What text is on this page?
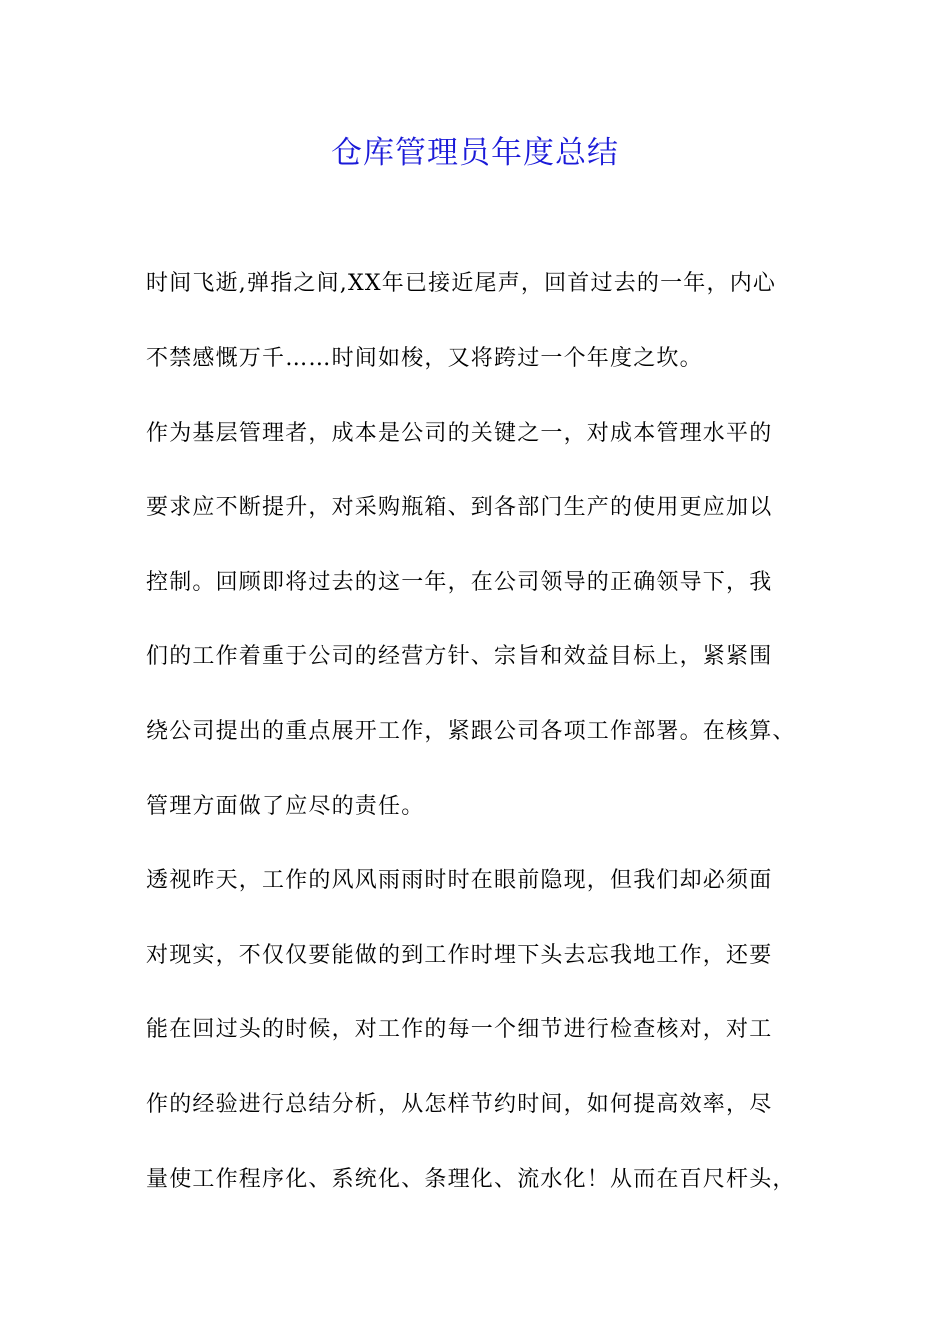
仓库管理员年度总结
时间飞逝,弹指之间,XX年已接近尾声，回首过去的一年，内心
不禁感慨万千……时间如梭，又将跨过一个年度之坎。
作为基层管理者，成本是公司的关键之一，对成本管理水平的
要求应不断提升，对采购瓶箱、到各部门生产的使用更应加以
控制。回顾即将过去的这一年，在公司领导的正确领导下，我
们的工作着重于公司的经营方针、宗旨和效益目标上，紧紧围
绕公司提出的重点展开工作，紧跟公司各项工作部署。在核算、
管理方面做了应尽的责任。
透视昨天，工作的风风雨雨时时在眼前隐现，但我们却必须面
对现实，不仅仅要能做的到工作时埋下头去忘我地工作，还要
能在回过头的时候，对工作的每一个细节进行检查核对，对工
作的经验进行总结分析，从怎样节约时间，如何提高效率，尽
量使工作程序化、系统化、条理化、流水化！从而在百尺杆头，
